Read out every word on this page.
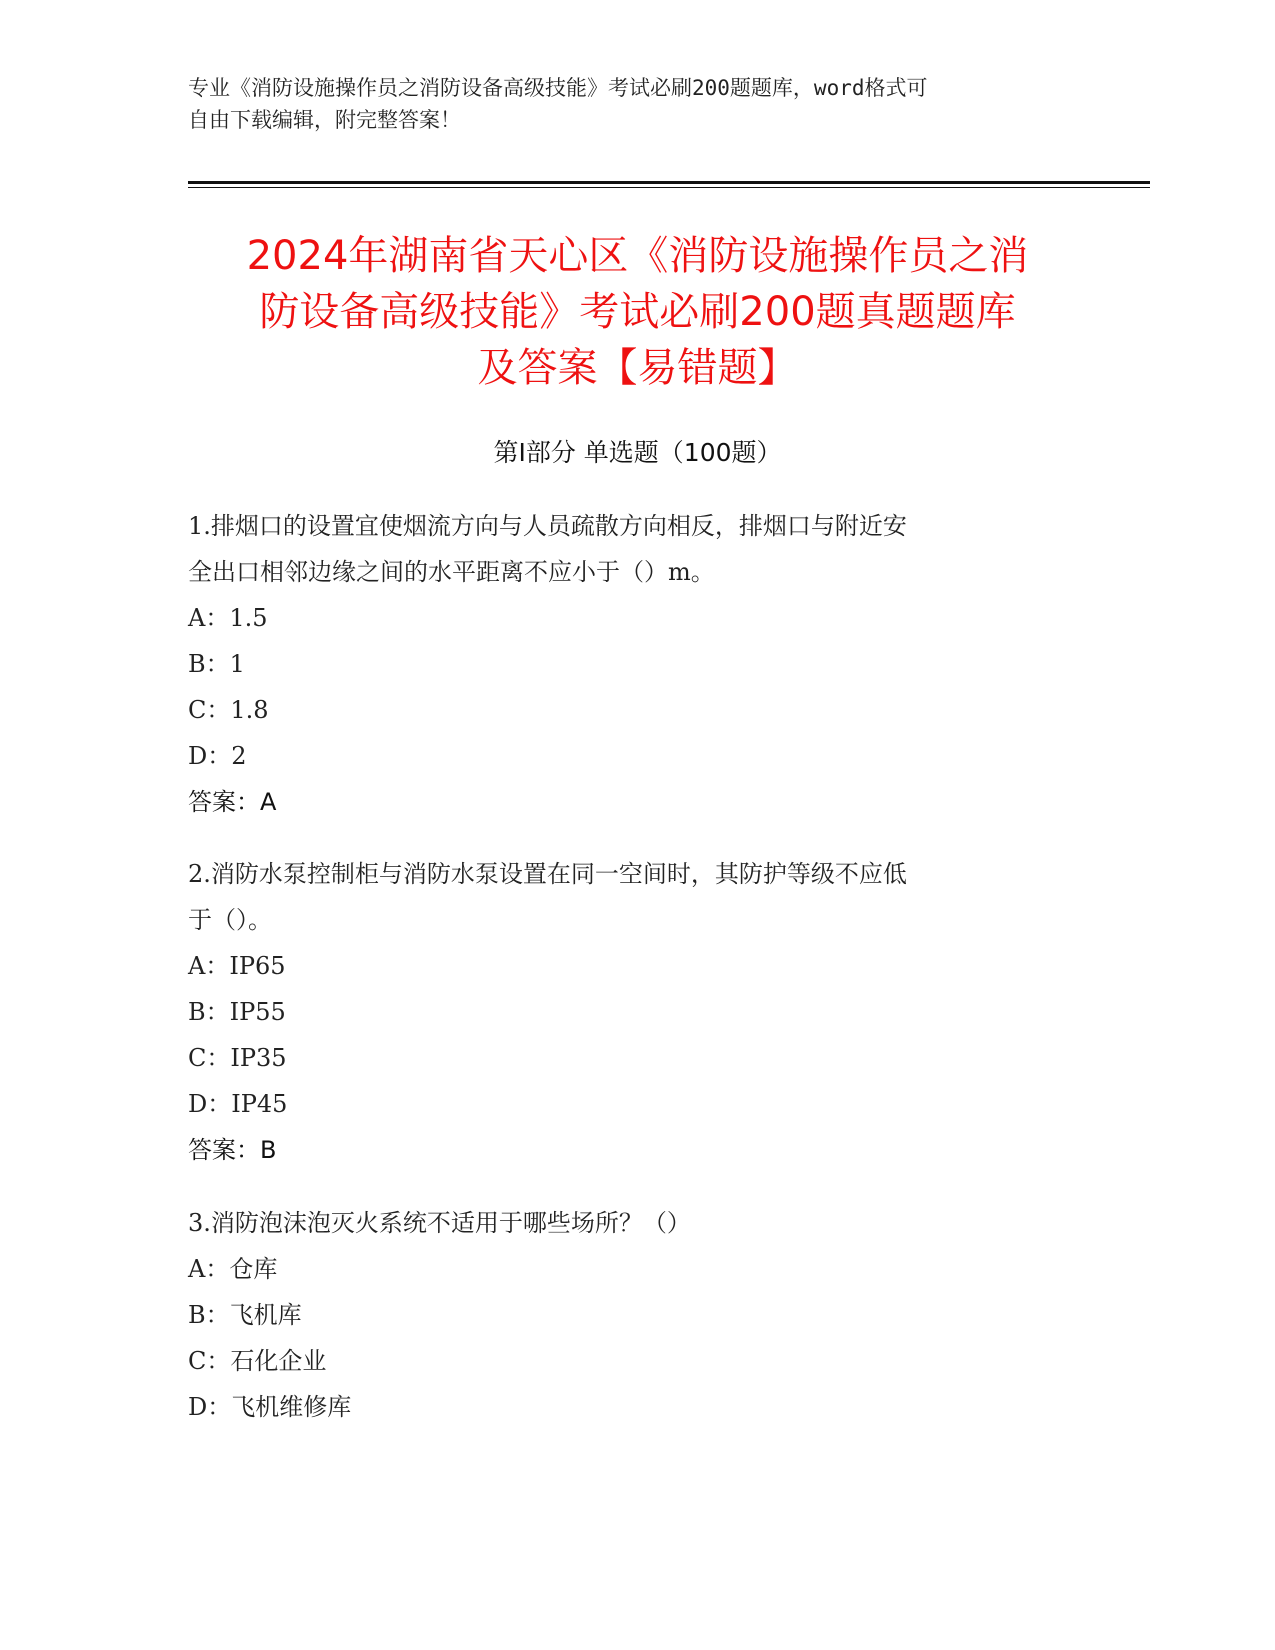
专业《消防设施操作员之消防设备高级技能》考试必刷200题题库，word格式可
自由下载编辑，附完整答案！
2024年湖南省天心区《消防设施操作员之消
防设备高级技能》考试必刷200题真题题库
及答案【易错题】
第Ⅰ部分 单选题（100题）
1.排烟口的设置宜使烟流方向与人员疏散方向相反，排烟口与附近安
全出口相邻边缘之间的水平距离不应小于（）m。
A：1.5
B：1
C：1.8
D：2
答案：A
2.消防水泵控制柜与消防水泵设置在同一空间时，其防护等级不应低
于（）。
A：IP65
B：IP55
C：IP35
D：IP45
答案：B
3.消防泡沫泡灭火系统不适用于哪些场所？（）
A：仓库
B：飞机库
C：石化企业
D：飞机维修库
